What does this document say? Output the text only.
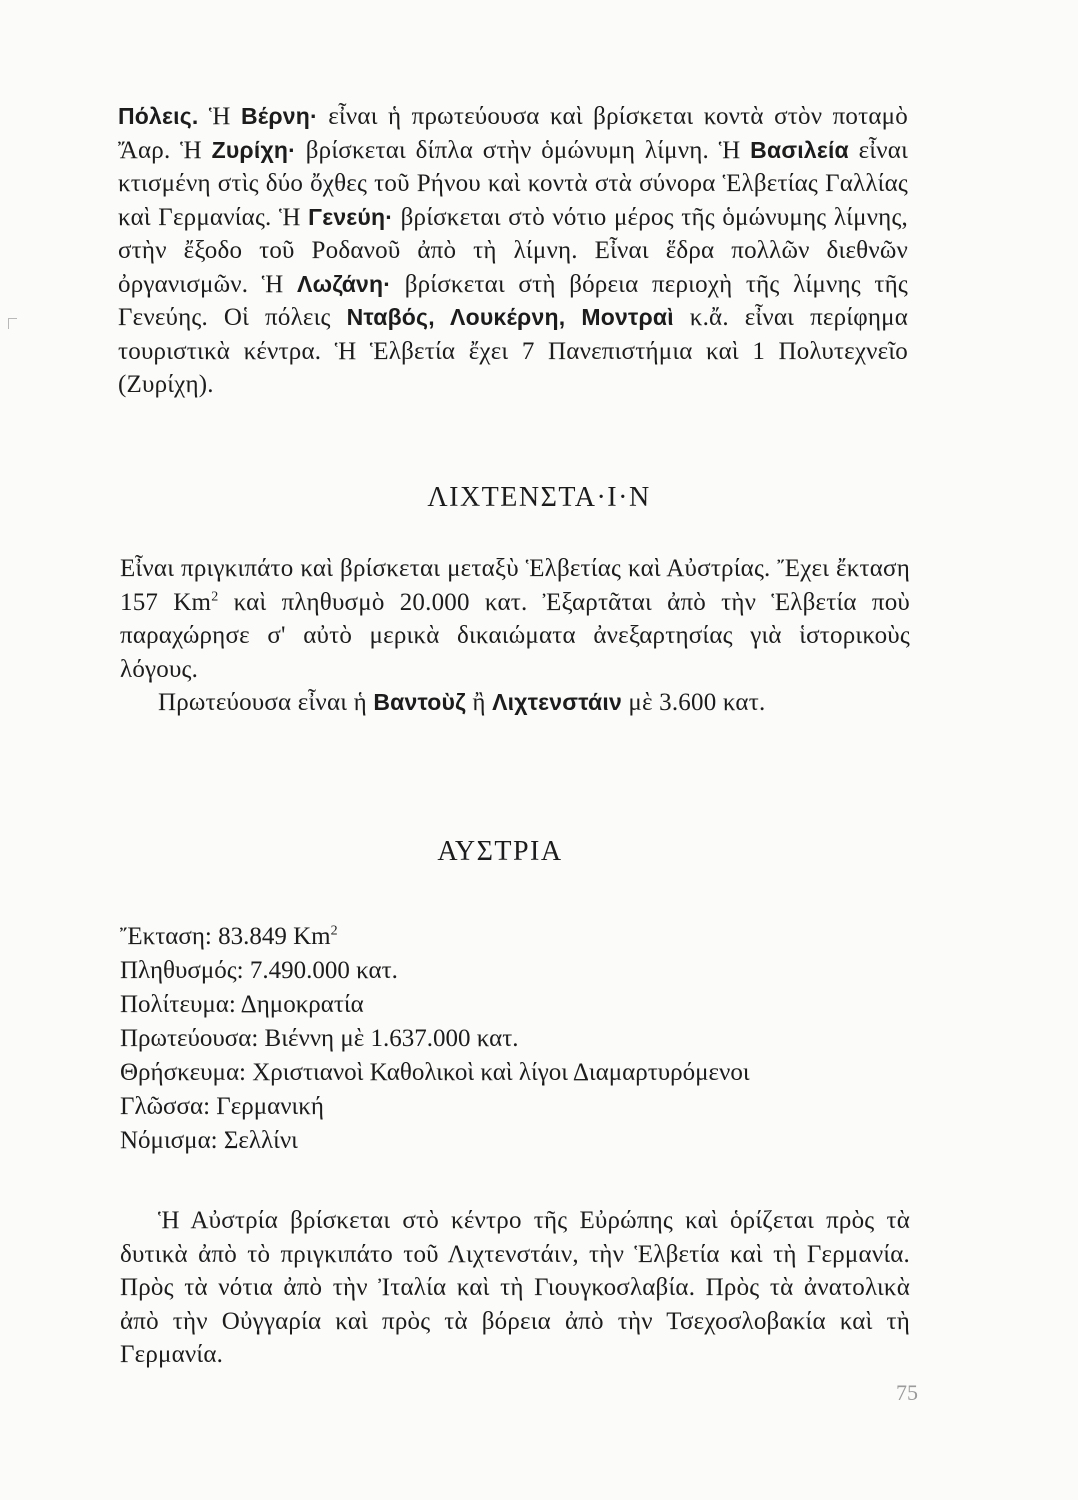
Πόλεις. Ἡ Βέρνη· εἶναι ἡ πρωτεύουσα καὶ βρίσκεται κοντὰ στὸν ποταμὸ Ἄαρ. Ἡ Ζυρίχη· βρίσκεται δίπλα στὴν ὁμώνυμη λίμνη. Ἡ Βασιλεία εἶναι κτισμένη στὶς δύο ὄχθες τοῦ Ρήνου καὶ κοντὰ στὰ σύνορα Ἑλβετίας Γαλλίας καὶ Γερμανίας. Ἡ Γενεύη· βρίσκεται στὸ νότιο μέρος τῆς ὁμώνυμης λίμνης, στὴν ἔξοδο τοῦ Ροδανοῦ ἀπὸ τὴ λίμνη. Εἶναι ἕδρα πολλῶν διεθνῶν ὀργανισμῶν. Ἡ Λωζάνη· βρίσκεται στὴ βόρεια περιοχὴ τῆς λίμνης τῆς Γενεύης. Οἱ πόλεις Νταβός, Λουκέρνη, Μοντραὶ κ.ἄ. εἶναι περίφημα τουριστικὰ κέντρα. Ἡ Ἑλβετία ἔχει 7 Πανεπιστήμια καὶ 1 Πολυτεχνεῖο (Ζυρίχη).

ΛΙΧΤΕΝΣΤΑ·Ι·Ν

Εἶναι πριγκιπάτο καὶ βρίσκεται μεταξὺ Ἑλβετίας καὶ Αὐστρίας. Ἔχει ἔκταση 157 Km$^2$ καὶ πληθυσμὸ 20.000 κατ. Ἐξαρτᾶται ἀπὸ τὴν Ἑλβετία ποὺ παραχώρησε σ' αὐτὸ μερικὰ δικαιώματα ἀνεξαρτησίας γιὰ ἱστορικοὺς λόγους.

Πρωτεύουσα εἶναι ἡ Βαντοὺζ ἢ Λιχτενστάιν μὲ 3.600 κατ.

ΑΥΣΤΡΙΑ
Ἔκταση: 83.849 Km$^2$
Πληθυσμός: 7.490.000 κατ.
Πολίτευμα: Δημοκρατία
Πρωτεύουσα: Βιέννη μὲ 1.637.000 κατ.
Θρήσκευμα: Χριστιανοὶ Καθολικοὶ καὶ λίγοι Διαμαρτυρόμενοι
Γλῶσσα: Γερμανική
Νόμισμα: Σελλίνι

Ἡ Αὐστρία βρίσκεται στὸ κέντρο τῆς Εὐρώπης καὶ ὁρίζεται πρὸς τὰ δυτικὰ ἀπὸ τὸ πριγκιπάτο τοῦ Λιχτενστάιν, τὴν Ἑλβετία καὶ τὴ Γερμανία. Πρὸς τὰ νότια ἀπὸ τὴν Ἰταλία καὶ τὴ Γιουγκοσλαβία. Πρὸς τὰ ἀνατολικὰ ἀπὸ τὴν Οὐγγαρία καὶ πρὸς τὰ βόρεια ἀπὸ τὴν Τσεχοσλοβακία καὶ τὴ Γερμανία.

75
